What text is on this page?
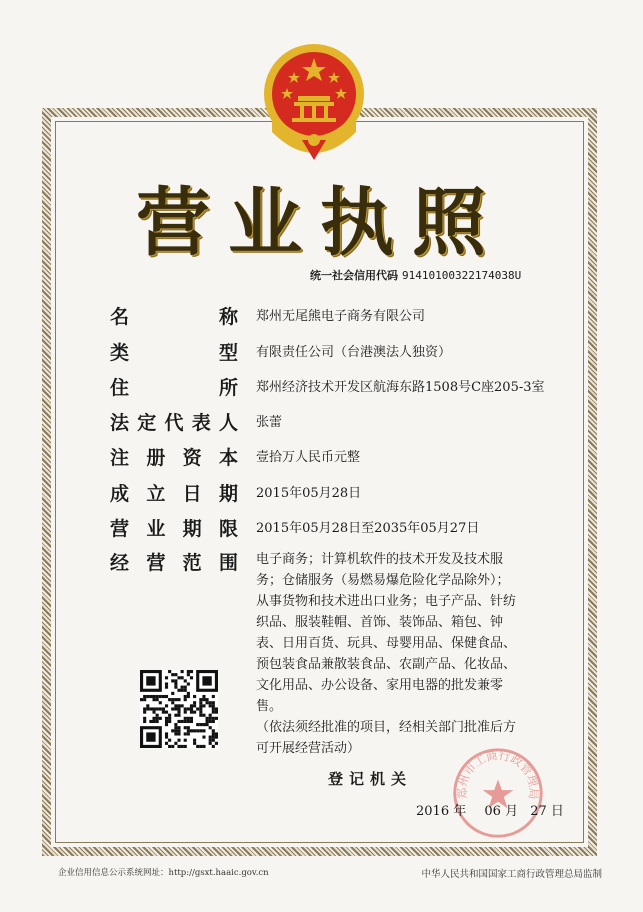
营业执照
统一社会信用代码 91410100322174038U
名	称 郑州无尾熊电子商务有限公司
类	型 有限责任公司（台港澳法人独资）
住	所 郑州经济技术开发区航海东路1508号C座205-3室
法 定 代 表 人 张蕾
注 册 资 本 壹拾万人民币元整
成 立 日 期 2015年05月28日
营 业 期 限 2015年05月28日至2035年05月27日
经 营 范 围 电子商务；计算机软件的技术开发及技术服

务；仓储服务（易燃易爆危险化学品除外）；

从事货物和技术进出口业务；电子产品、针纺

织品、服装鞋帽、首饰、装饰品、箱包、钟

表、日用百货、玩具、母婴用品、保健食品、

预包装食品兼散装食品、农副产品、化妆品、

文化用品、办公设备、家用电器的批发兼零

售。

（依法须经批准的项目，经相关部门批准后方

可开展经营活动）

郑州市工商行政管理局
登记机关
2016 年 06 月 27 日
企业信用信息公示系统网址：http://gsxt.haaic.gov.cn	中华人民共和国国家工商行政管理总局监制
